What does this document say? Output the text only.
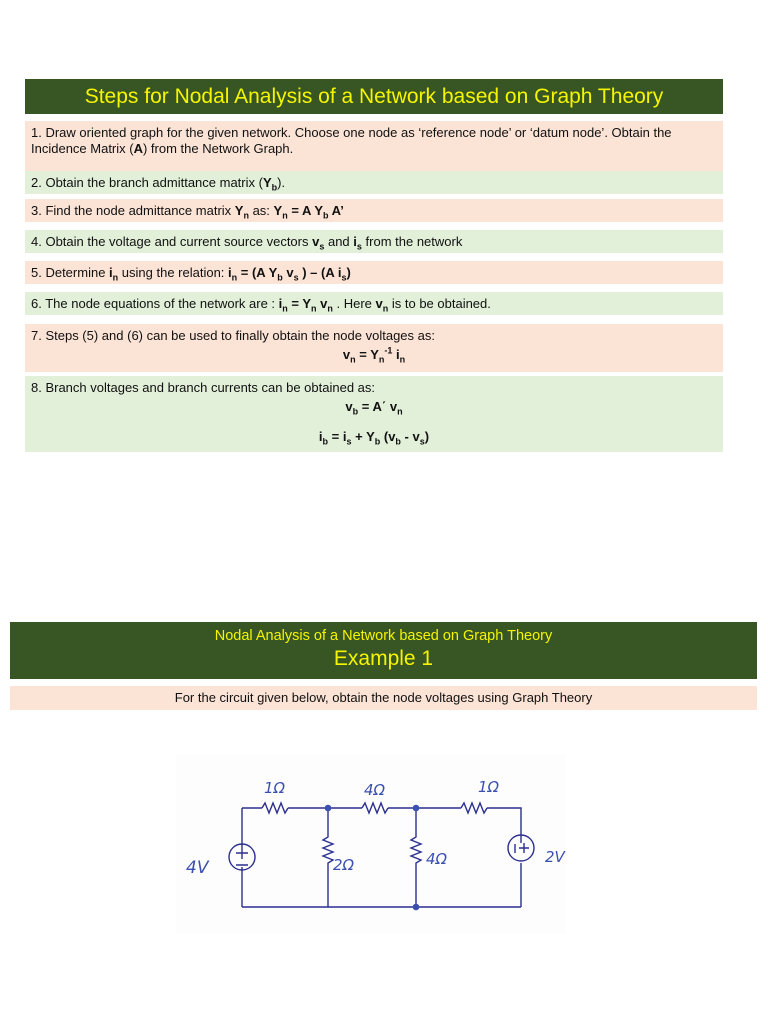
Steps for Nodal Analysis of a Network based on Graph Theory
1. Draw oriented graph for the given network. Choose one node as ‘reference node’ or ‘datum node’. Obtain the Incidence Matrix (A) from the Network Graph.
2. Obtain the branch admittance matrix $(Y_b)$.
3. Find the node admittance matrix $Y_n$ as: $Y_n = A$ $Y_b$ A’
4. Obtain the voltage and current source vectors $v_s$ and $i_s$ from the network
5. Determine $i_n$ using the relation: $i_n = (A$ $Y_b$ $v_s$ ) – (A $i_s$)
6. The node equations of the network are : $i_n = Y_n$ $v_n$ . Here $v_n$ is to be obtained.
7. Steps (5) and (6) can be used to finally obtain the node voltages as:
$v_n = Y_n^{-1}$ $i_n$
8. Branch voltages and branch currents can be obtained as:
$v_b = A΄$ $v_n$
$i_b = i_s + Y_b$ $(v_b - v_s)$
Nodal Analysis of a Network based on Graph Theory
Example 1
For the circuit given below, obtain the node voltages using Graph Theory
1Ω	4Ω	1Ω
2Ω	4Ω
4V
2V
